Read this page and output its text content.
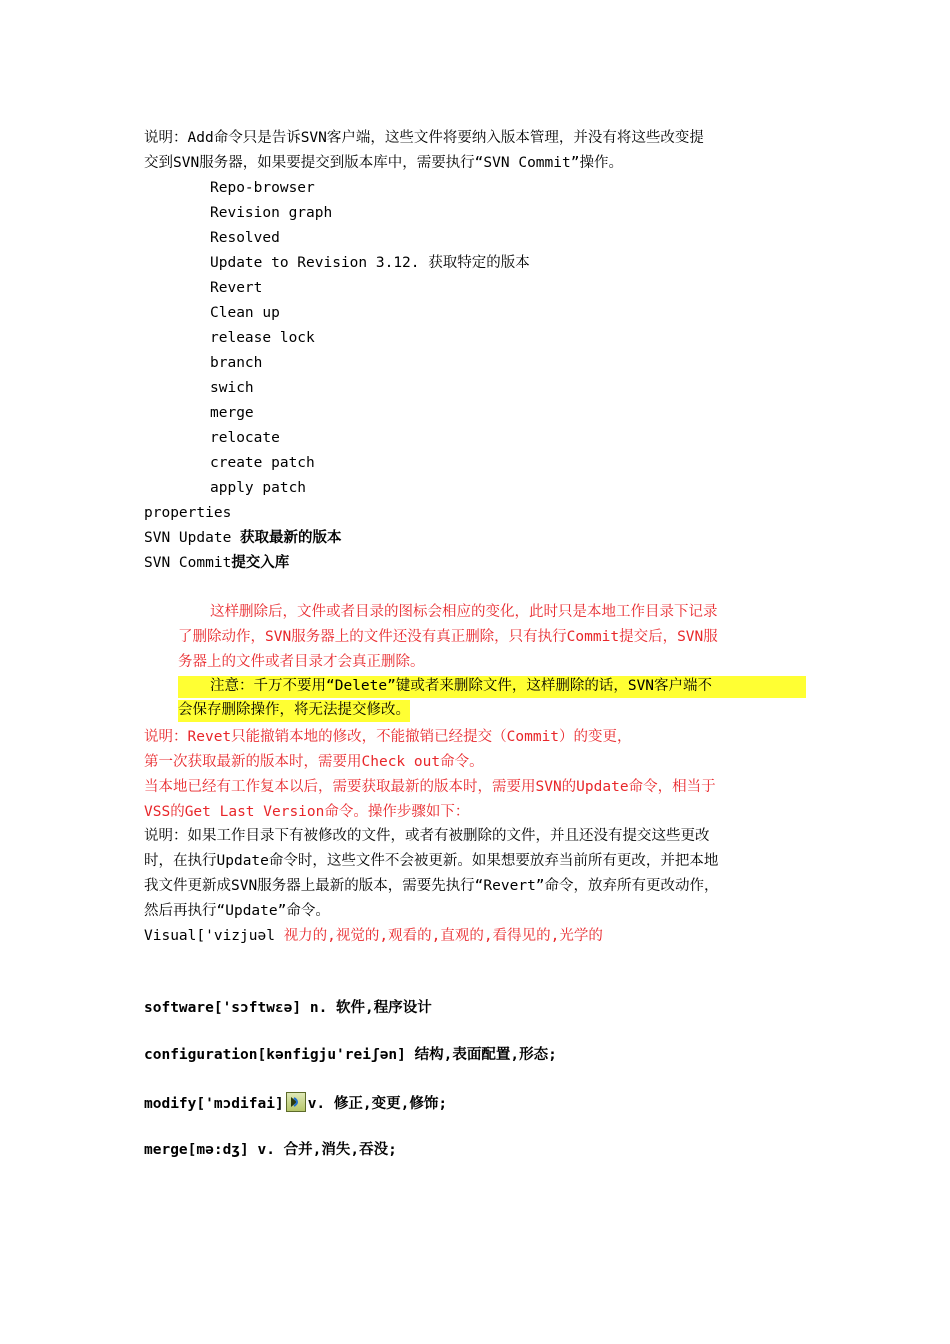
说明：Add命令只是告诉SVN客户端，这些文件将要纳入版本管理，并没有将这些改变提
交到SVN服务器，如果要提交到版本库中，需要执行“SVN Commit”操作。
Repo-browser
Revision graph
Resolved
Update to Revision 3.12. 获取特定的版本
Revert
Clean up
release lock
branch
swich
merge
relocate
create patch
apply patch
properties
SVN Update 获取最新的版本
SVN Commit提交入库
这样删除后，文件或者目录的图标会相应的变化，此时只是本地工作目录下记录
了删除动作，SVN服务器上的文件还没有真正删除，只有执行Commit提交后，SVN服
务器上的文件或者目录才会真正删除。
注意：千万不要用“Delete”键或者来删除文件，这样删除的话，SVN客户端不
会保存删除操作，将无法提交修改。
说明：Revet只能撤销本地的修改，不能撤销已经提交（Commit）的变更，
第一次获取最新的版本时，需要用Check out命令。
当本地已经有工作复本以后，需要获取最新的版本时，需要用SVN的Update命令，相当于
VSS的Get Last Version命令。操作步骤如下：
说明：如果工作目录下有被修改的文件，或者有被删除的文件，并且还没有提交这些更改
时，在执行Update命令时，这些文件不会被更新。如果想要放弃当前所有更改，并把本地
我文件更新成SVN服务器上最新的版本，需要先执行“Revert”命令，放弃所有更改动作，
然后再执行“Update”命令。
Visual['vizjuəl 视力的,视觉的,观看的,直观的,看得见的,光学的
software['sɔftwɛə] n. 软件,程序设计
configuration[kənfigju'reiʃən] 结构,表面配置,形态;
modify['mɔdifai] v. 修正,变更,修饰;
merge[mə:dʒ] v. 合并,消失,吞没;
